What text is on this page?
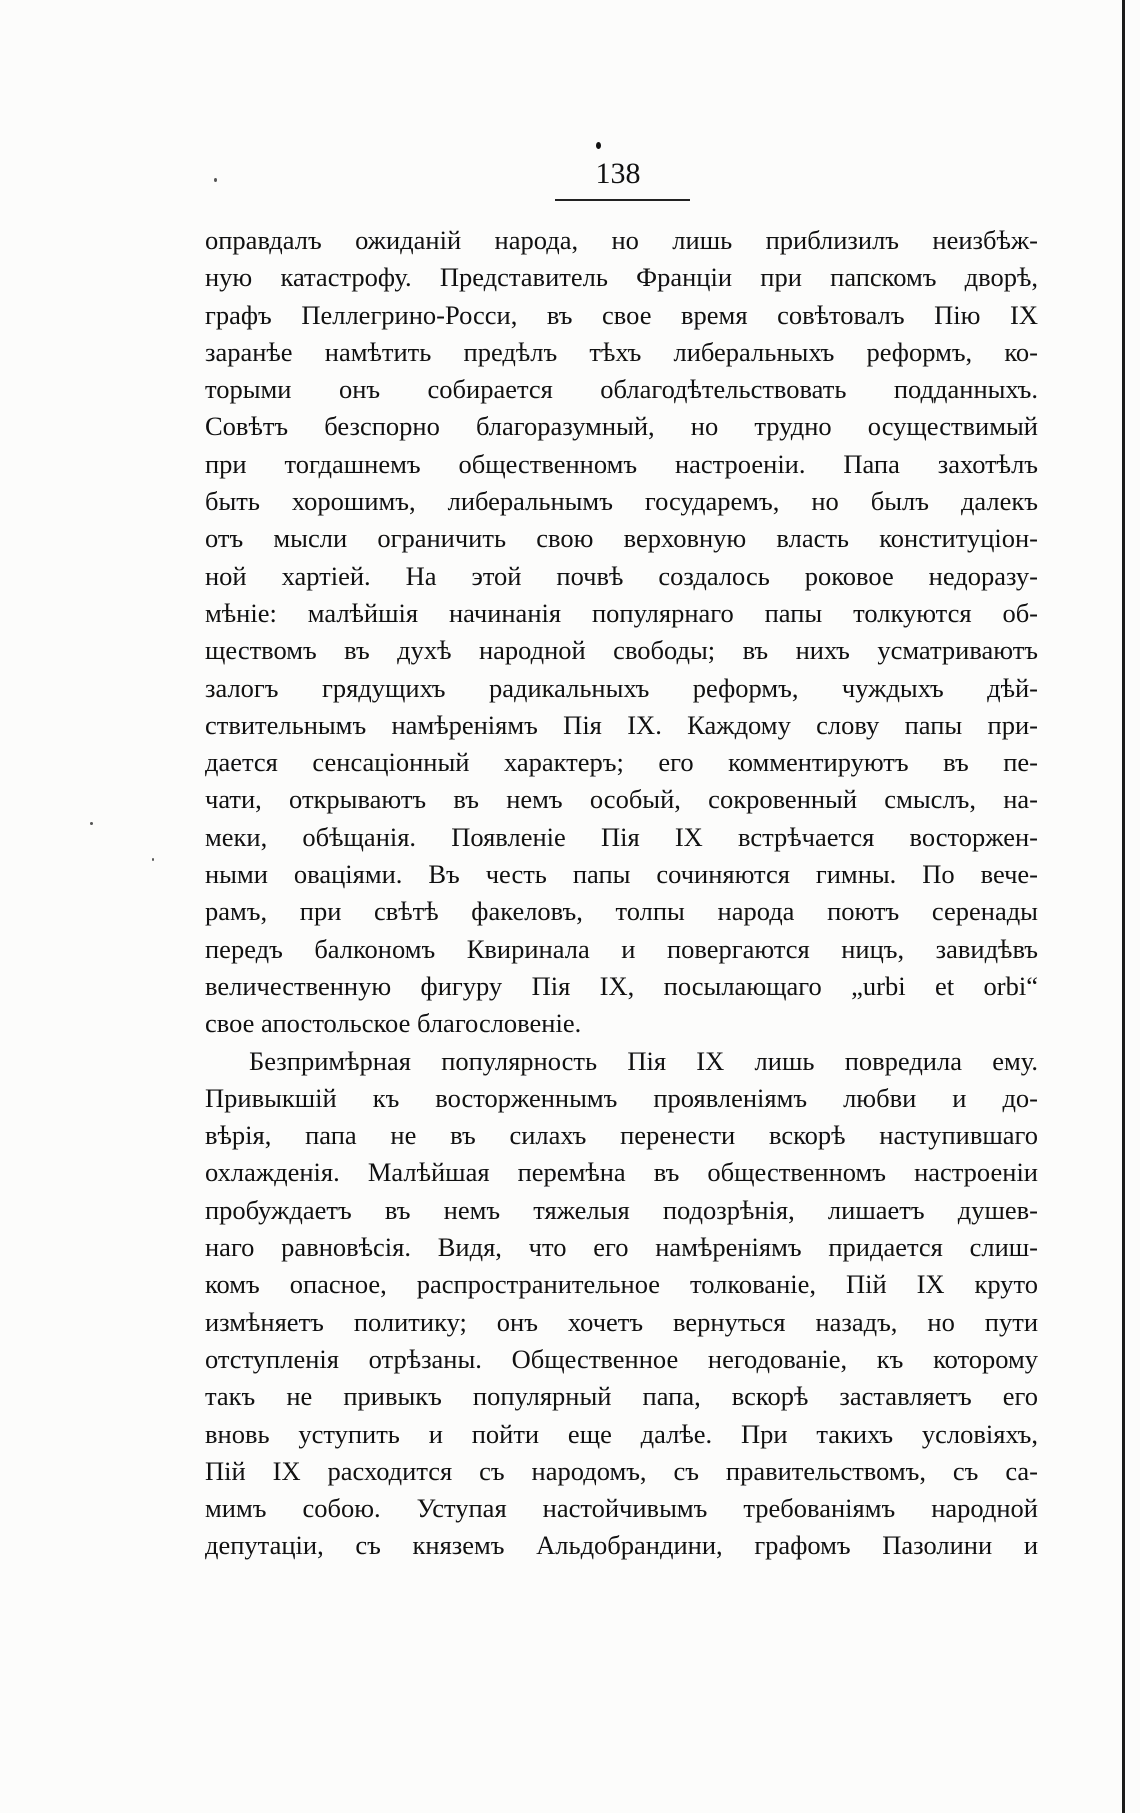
138
оправдалъ ожиданій народа, но лишь приблизилъ неизбѣж-
ную катастрофу. Представитель Франціи при папскомъ дворѣ,
графъ Пеллегрино-Росси, въ свое время совѣтовалъ Пію IX
заранѣе намѣтить предѣлъ тѣхъ либеральныхъ реформъ, ко-
торыми онъ собирается облагодѣтельствовать подданныхъ.
Совѣтъ безспорно благоразумный, но трудно осуществимый
при тогдашнемъ общественномъ настроеніи. Папа захотѣлъ
быть хорошимъ, либеральнымъ государемъ, но былъ далекъ
отъ мысли ограничить свою верховную власть конституціон-
ной хартіей. На этой почвѣ создалось роковое недоразу-
мѣніе: малѣйшія начинанія популярнаго папы толкуются об-
ществомъ въ духѣ народной свободы; въ нихъ усматриваютъ
залогъ грядущихъ радикальныхъ реформъ, чуждыхъ дѣй-
ствительнымъ намѣреніямъ Пія IX. Каждому слову папы при-
дается сенсаціонный характеръ; его комментируютъ въ пе-
чати, открываютъ въ немъ особый, сокровенный смыслъ, на-
меки, обѣщанія. Появленіе Пія IX встрѣчается восторжен-
ными оваціями. Въ честь папы сочиняются гимны. По вече-
рамъ, при свѣтѣ факеловъ, толпы народа поютъ серенады
передъ балкономъ Квиринала и повергаются ницъ, завидѣвъ
величественную фигуру Пія IX, посылающаго „urbi et orbi“
свое апостольское благословеніе.
Безпримѣрная популярность Пія IX лишь повредила ему.
Привыкшій къ восторженнымъ проявленіямъ любви и до-
вѣрія, папа не въ силахъ перенести вскорѣ наступившаго
охлажденія. Малѣйшая перемѣна въ общественномъ настроеніи
пробуждаетъ въ немъ тяжелыя подозрѣнія, лишаетъ душев-
наго равновѣсія. Видя, что его намѣреніямъ придается слиш-
комъ опасное, распространительное толкованіе, Пій IX круто
измѣняетъ политику; онъ хочетъ вернуться назадъ, но пути
отступленія отрѣзаны. Общественное негодованіе, къ которому
такъ не привыкъ популярный папа, вскорѣ заставляетъ его
вновь уступить и пойти еще далѣе. При такихъ условіяхъ,
Пій IX расходится съ народомъ, съ правительствомъ, съ са-
мимъ собою. Уступая настойчивымъ требованіямъ народной
депутаціи, съ княземъ Альдобрандини, графомъ Пазолини и
